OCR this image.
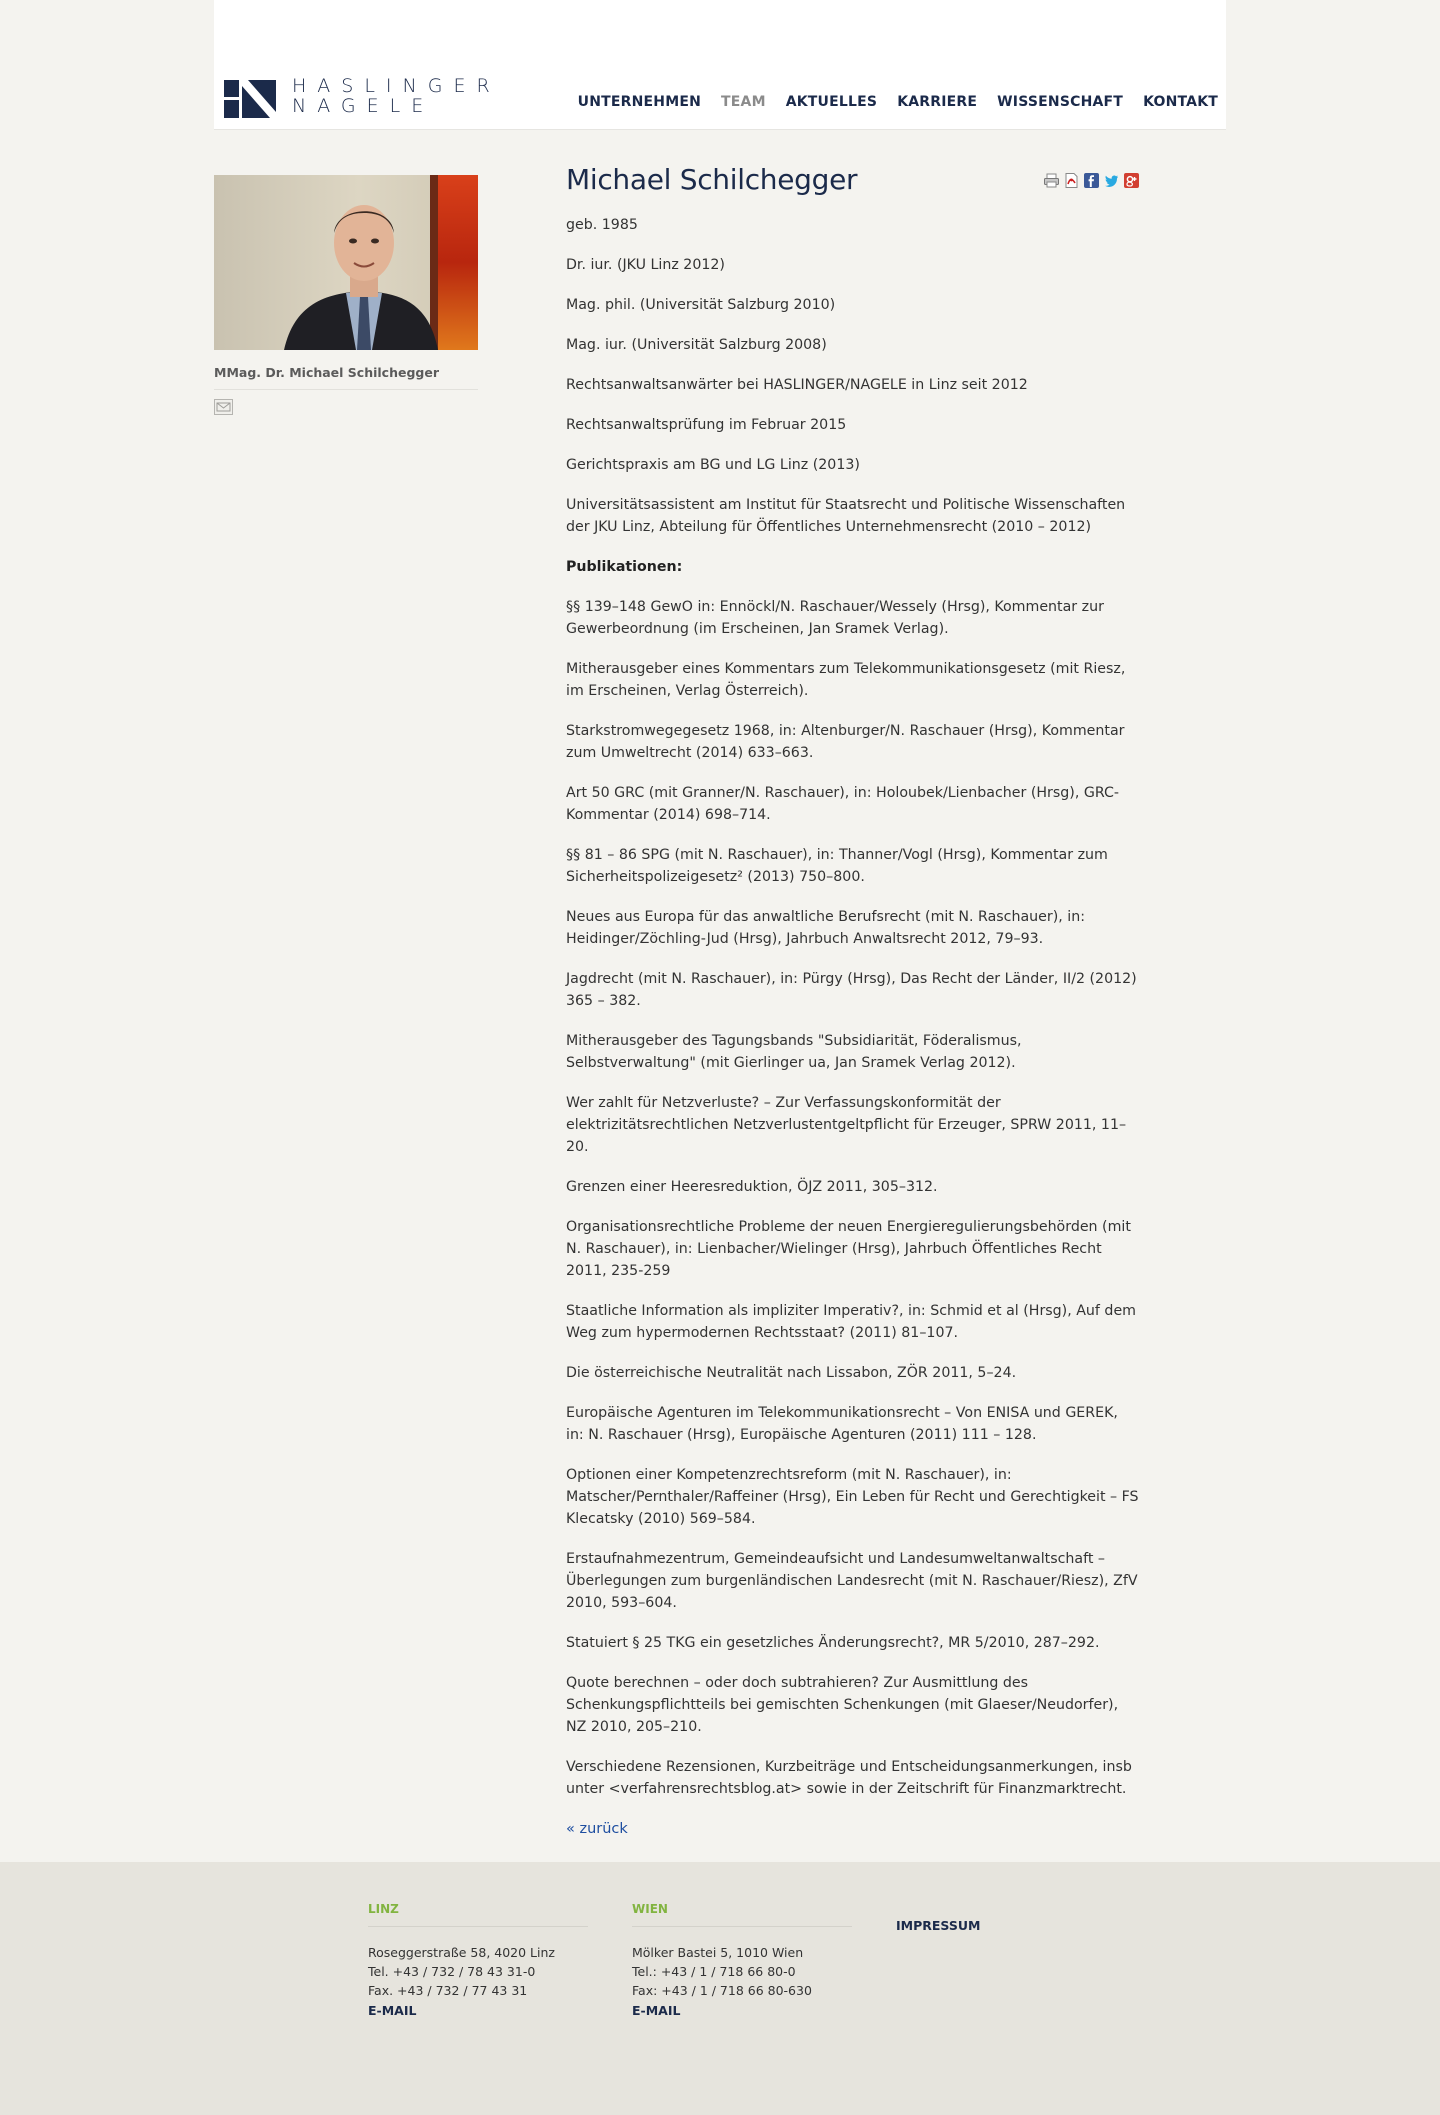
HASLINGER
NAGELE	UNTERNEHMEN TEAM AKTUELLES KARRIERE WISSENSCHAFT KONTAKT
MMag. Dr. Michael Schilchegger
Michael Schilchegger

geb. 1985

Dr. iur. (JKU Linz 2012)

Mag. phil. (Universität Salzburg 2010)

Mag. iur. (Universität Salzburg 2008)

Rechtsanwaltsanwärter bei HASLINGER/NAGELE in Linz seit 2012

Rechtsanwaltsprüfung im Februar 2015

Gerichtspraxis am BG und LG Linz (2013)

Universitätsassistent am Institut für Staatsrecht und Politische Wissenschaften der JKU Linz, Abteilung für Öffentliches Unternehmensrecht (2010 – 2012)

Publikationen:

§§ 139–148 GewO in: Ennöckl/N. Raschauer/Wessely (Hrsg), Kommentar zur Gewerbeordnung (im Erscheinen, Jan Sramek Verlag).

Mitherausgeber eines Kommentars zum Telekommunikationsgesetz (mit Riesz, im Erscheinen, Verlag Österreich).

Starkstromwegegesetz 1968, in: Altenburger/N. Raschauer (Hrsg), Kommentar zum Umweltrecht (2014) 633–663.

Art 50 GRC (mit Granner/N. Raschauer), in: Holoubek/Lienbacher (Hrsg), GRC-Kommentar (2014) 698–714.

§§ 81 – 86 SPG (mit N. Raschauer), in: Thanner/Vogl (Hrsg), Kommentar zum Sicherheitspolizeigesetz² (2013) 750–800.

Neues aus Europa für das anwaltliche Berufsrecht (mit N. Raschauer), in: Heidinger/Zöchling-Jud (Hrsg), Jahrbuch Anwaltsrecht 2012, 79–93.

Jagdrecht (mit N. Raschauer), in: Pürgy (Hrsg), Das Recht der Länder, II/2 (2012) 365 – 382.

Mitherausgeber des Tagungsbands "Subsidiarität, Föderalismus, Selbstverwaltung" (mit Gierlinger ua, Jan Sramek Verlag 2012).

Wer zahlt für Netzverluste? – Zur Verfassungskonformität der elektrizitätsrechtlichen Netzverlustentgeltpflicht für Erzeuger, SPRW 2011, 11–20.

Grenzen einer Heeresreduktion, ÖJZ 2011, 305–312.

Organisationsrechtliche Probleme der neuen Energieregulierungsbehörden (mit N. Raschauer), in: Lienbacher/Wielinger (Hrsg), Jahrbuch Öffentliches Recht 2011, 235-259

Staatliche Information als impliziter Imperativ?, in: Schmid et al (Hrsg), Auf dem Weg zum hypermodernen Rechtsstaat? (2011) 81–107.

Die österreichische Neutralität nach Lissabon, ZÖR 2011, 5–24.

Europäische Agenturen im Telekommunikationsrecht – Von ENISA und GEREK, in: N. Raschauer (Hrsg), Europäische Agenturen (2011) 111 – 128.

Optionen einer Kompetenzrechtsreform (mit N. Raschauer), in: Matscher/Pernthaler/Raffeiner (Hrsg), Ein Leben für Recht und Gerechtigkeit – FS Klecatsky (2010) 569–584.

Erstaufnahmezentrum, Gemeindeaufsicht und Landesumweltanwaltschaft – Überlegungen zum burgenländischen Landesrecht (mit N. Raschauer/Riesz), ZfV 2010, 593–604.

Statuiert § 25 TKG ein gesetzliches Änderungsrecht?, MR 5/2010, 287–292.

Quote berechnen – oder doch subtrahieren? Zur Ausmittlung des Schenkungspflichtteils bei gemischten Schenkungen (mit Glaeser/Neudorfer), NZ 2010, 205–210.

Verschiedene Rezensionen, Kurzbeiträge und Entscheidungsanmerkungen, insb unter <verfahrensrechtsblog.at> sowie in der Zeitschrift für Finanzmarktrecht.

« zurück
LINZ
Roseggerstraße 58, 4020 Linz
Tel. +43 / 732 / 78 43 31-0
Fax. +43 / 732 / 77 43 31
E-MAIL
WIEN
Mölker Bastei 5, 1010 Wien
Tel.: +43 / 1 / 718 66 80-0
Fax: +43 / 1 / 718 66 80-630
E-MAIL
IMPRESSUM
